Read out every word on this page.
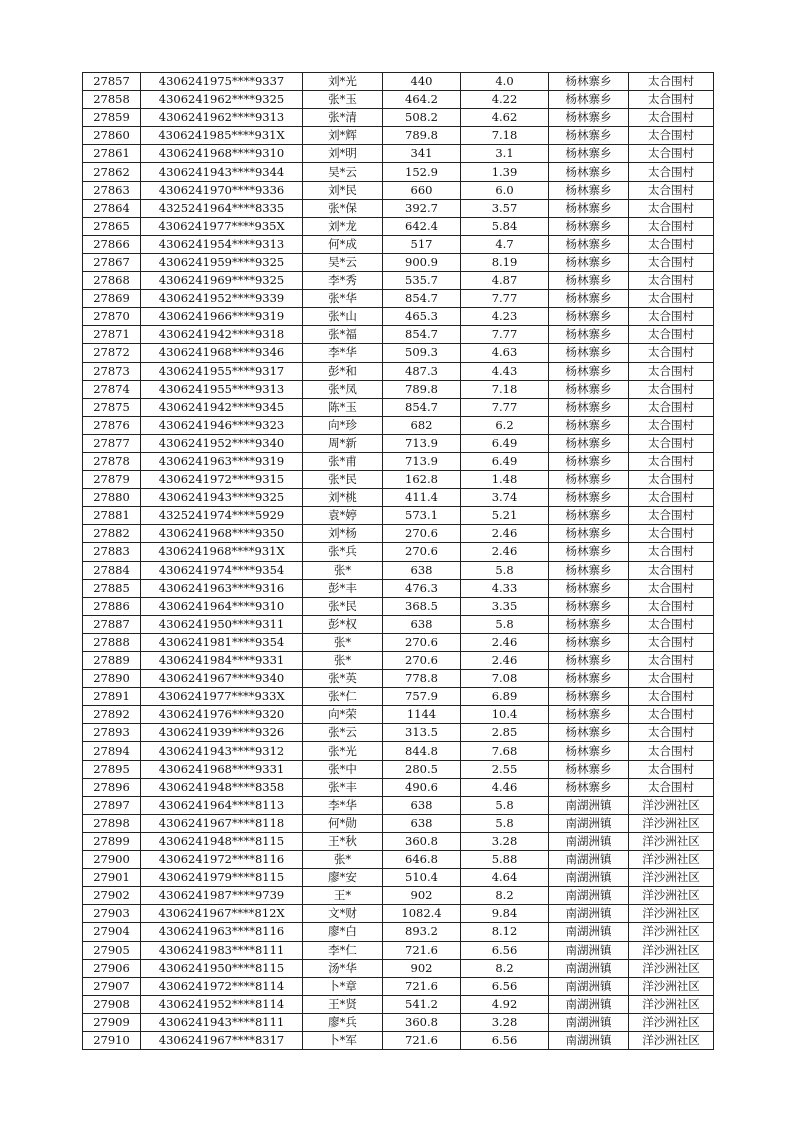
27857	4306241975****9337	刘*光	440	4.0	杨林寨乡	太合围村
27858	4306241962****9325	张*玉	464.2	4.22	杨林寨乡	太合围村
27859	4306241962****9313	张*清	508.2	4.62	杨林寨乡	太合围村
27860	4306241985****931X	刘*辉	789.8	7.18	杨林寨乡	太合围村
27861	4306241968****9310	刘*明	341	3.1	杨林寨乡	太合围村
27862	4306241943****9344	吴*云	152.9	1.39	杨林寨乡	太合围村
27863	4306241970****9336	刘*民	660	6.0	杨林寨乡	太合围村
27864	4325241964****8335	张*保	392.7	3.57	杨林寨乡	太合围村
27865	4306241977****935X	刘*龙	642.4	5.84	杨林寨乡	太合围村
27866	4306241954****9313	何*成	517	4.7	杨林寨乡	太合围村
27867	4306241959****9325	吴*云	900.9	8.19	杨林寨乡	太合围村
27868	4306241969****9325	李*秀	535.7	4.87	杨林寨乡	太合围村
27869	4306241952****9339	张*华	854.7	7.77	杨林寨乡	太合围村
27870	4306241966****9319	张*山	465.3	4.23	杨林寨乡	太合围村
27871	4306241942****9318	张*福	854.7	7.77	杨林寨乡	太合围村
27872	4306241968****9346	李*华	509.3	4.63	杨林寨乡	太合围村
27873	4306241955****9317	彭*和	487.3	4.43	杨林寨乡	太合围村
27874	4306241955****9313	张*凤	789.8	7.18	杨林寨乡	太合围村
27875	4306241942****9345	陈*玉	854.7	7.77	杨林寨乡	太合围村
27876	4306241946****9323	向*珍	682	6.2	杨林寨乡	太合围村
27877	4306241952****9340	周*新	713.9	6.49	杨林寨乡	太合围村
27878	4306241963****9319	张*甫	713.9	6.49	杨林寨乡	太合围村
27879	4306241972****9315	张*民	162.8	1.48	杨林寨乡	太合围村
27880	4306241943****9325	刘*桃	411.4	3.74	杨林寨乡	太合围村
27881	4325241974****5929	袁*婷	573.1	5.21	杨林寨乡	太合围村
27882	4306241968****9350	刘*杨	270.6	2.46	杨林寨乡	太合围村
27883	4306241968****931X	张*兵	270.6	2.46	杨林寨乡	太合围村
27884	4306241974****9354	张*	638	5.8	杨林寨乡	太合围村
27885	4306241963****9316	彭*丰	476.3	4.33	杨林寨乡	太合围村
27886	4306241964****9310	张*民	368.5	3.35	杨林寨乡	太合围村
27887	4306241950****9311	彭*权	638	5.8	杨林寨乡	太合围村
27888	4306241981****9354	张*	270.6	2.46	杨林寨乡	太合围村
27889	4306241984****9331	张*	270.6	2.46	杨林寨乡	太合围村
27890	4306241967****9340	张*英	778.8	7.08	杨林寨乡	太合围村
27891	4306241977****933X	张*仁	757.9	6.89	杨林寨乡	太合围村
27892	4306241976****9320	向*荣	1144	10.4	杨林寨乡	太合围村
27893	4306241939****9326	张*云	313.5	2.85	杨林寨乡	太合围村
27894	4306241943****9312	张*光	844.8	7.68	杨林寨乡	太合围村
27895	4306241968****9331	张*中	280.5	2.55	杨林寨乡	太合围村
27896	4306241948****8358	张*丰	490.6	4.46	杨林寨乡	太合围村
27897	4306241964****8113	李*华	638	5.8	南湖洲镇	洋沙洲社区
27898	4306241967****8118	何*勋	638	5.8	南湖洲镇	洋沙洲社区
27899	4306241948****8115	王*秋	360.8	3.28	南湖洲镇	洋沙洲社区
27900	4306241972****8116	张*	646.8	5.88	南湖洲镇	洋沙洲社区
27901	4306241979****8115	廖*安	510.4	4.64	南湖洲镇	洋沙洲社区
27902	4306241987****9739	王*	902	8.2	南湖洲镇	洋沙洲社区
27903	4306241967****812X	文*财	1082.4	9.84	南湖洲镇	洋沙洲社区
27904	4306241963****8116	廖*白	893.2	8.12	南湖洲镇	洋沙洲社区
27905	4306241983****8111	李*仁	721.6	6.56	南湖洲镇	洋沙洲社区
27906	4306241950****8115	汤*华	902	8.2	南湖洲镇	洋沙洲社区
27907	4306241972****8114	卜*章	721.6	6.56	南湖洲镇	洋沙洲社区
27908	4306241952****8114	王*贤	541.2	4.92	南湖洲镇	洋沙洲社区
27909	4306241943****8111	廖*兵	360.8	3.28	南湖洲镇	洋沙洲社区
27910	4306241967****8317	卜*军	721.6	6.56	南湖洲镇	洋沙洲社区
